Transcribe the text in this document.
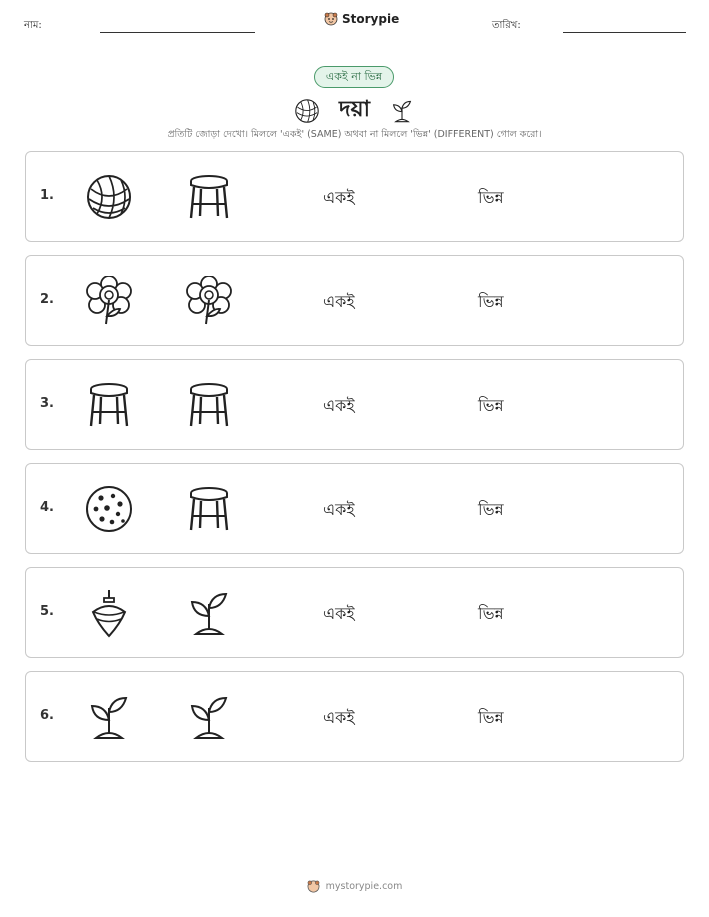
নাম:	Storypie	তারিখ:
একই না ভিন্ন
দয়া
প্রতিটি জোড়া দেখো। মিললে 'একই' (SAME) অথবা না মিললে 'ভিন্ন' (DIFFERENT) গোল করো।
1.	একই	ভিন্ন
2.	একই	ভিন্ন
3.	একই	ভিন্ন
4.	একই	ভিন্ন
5.	একই	ভিন্ন
6.	একই	ভিন্ন
mystorypie.com
